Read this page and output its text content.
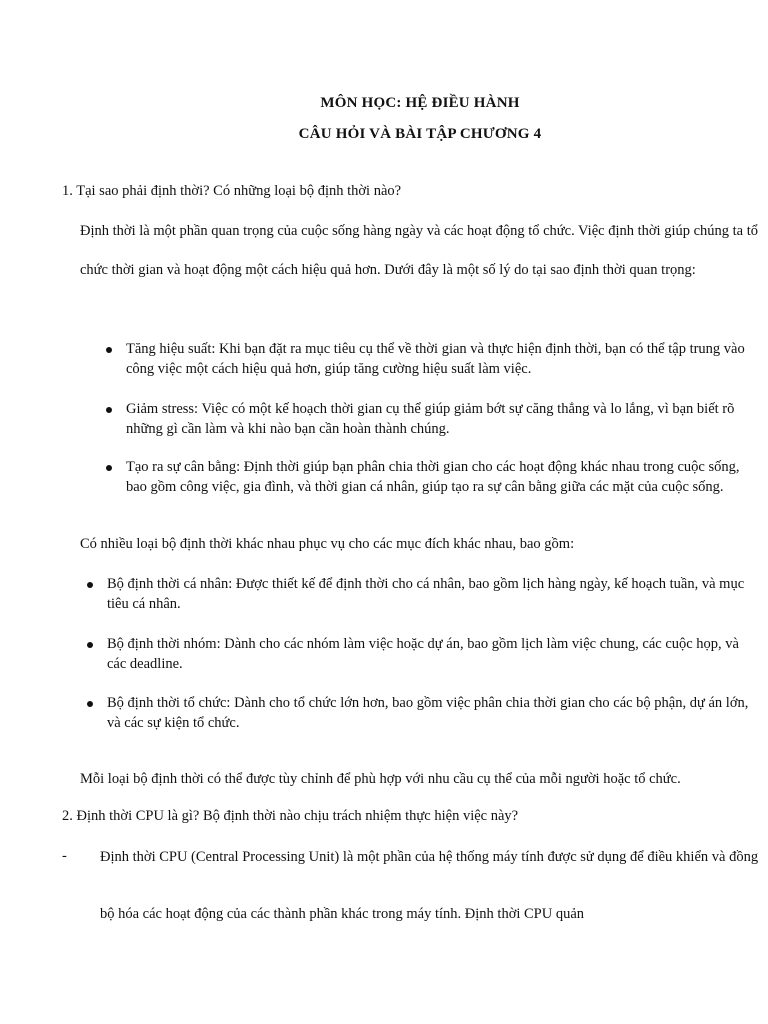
MÔN HỌC: HỆ ĐIỀU HÀNH
CÂU HỎI VÀ BÀI TẬP CHƯƠNG 4
1. Tại sao phải định thời? Có những loại bộ định thời nào?
Định thời là một phần quan trọng của cuộc sống hàng ngày và các hoạt động tổ chức. Việc định thời giúp chúng ta tổ chức thời gian và hoạt động một cách hiệu quả hơn. Dưới đây là một số lý do tại sao định thời quan trọng:
Tăng hiệu suất: Khi bạn đặt ra mục tiêu cụ thể về thời gian và thực hiện định thời, bạn có thể tập trung vào công việc một cách hiệu quả hơn, giúp tăng cường hiệu suất làm việc.
Giảm stress: Việc có một kế hoạch thời gian cụ thể giúp giảm bớt sự căng thẳng và lo lắng, vì bạn biết rõ những gì cần làm và khi nào bạn cần hoàn thành chúng.
Tạo ra sự cân bằng: Định thời giúp bạn phân chia thời gian cho các hoạt động khác nhau trong cuộc sống, bao gồm công việc, gia đình, và thời gian cá nhân, giúp tạo ra sự cân bằng giữa các mặt của cuộc sống.
Có nhiều loại bộ định thời khác nhau phục vụ cho các mục đích khác nhau, bao gồm:
Bộ định thời cá nhân: Được thiết kế để định thời cho cá nhân, bao gồm lịch hàng ngày, kế hoạch tuần, và mục tiêu cá nhân.
Bộ định thời nhóm: Dành cho các nhóm làm việc hoặc dự án, bao gồm lịch làm việc chung, các cuộc họp, và các deadline.
Bộ định thời tổ chức: Dành cho tổ chức lớn hơn, bao gồm việc phân chia thời gian cho các bộ phận, dự án lớn, và các sự kiện tổ chức.
Mỗi loại bộ định thời có thể được tùy chỉnh để phù hợp với nhu cầu cụ thể của mỗi người hoặc tổ chức.
2. Định thời CPU là gì? Bộ định thời nào chịu trách nhiệm thực hiện việc này?
- Định thời CPU (Central Processing Unit) là một phần của hệ thống máy tính được sử dụng để điều khiển và đồng bộ hóa các hoạt động của các thành phần khác trong máy tính. Định thời CPU quản
